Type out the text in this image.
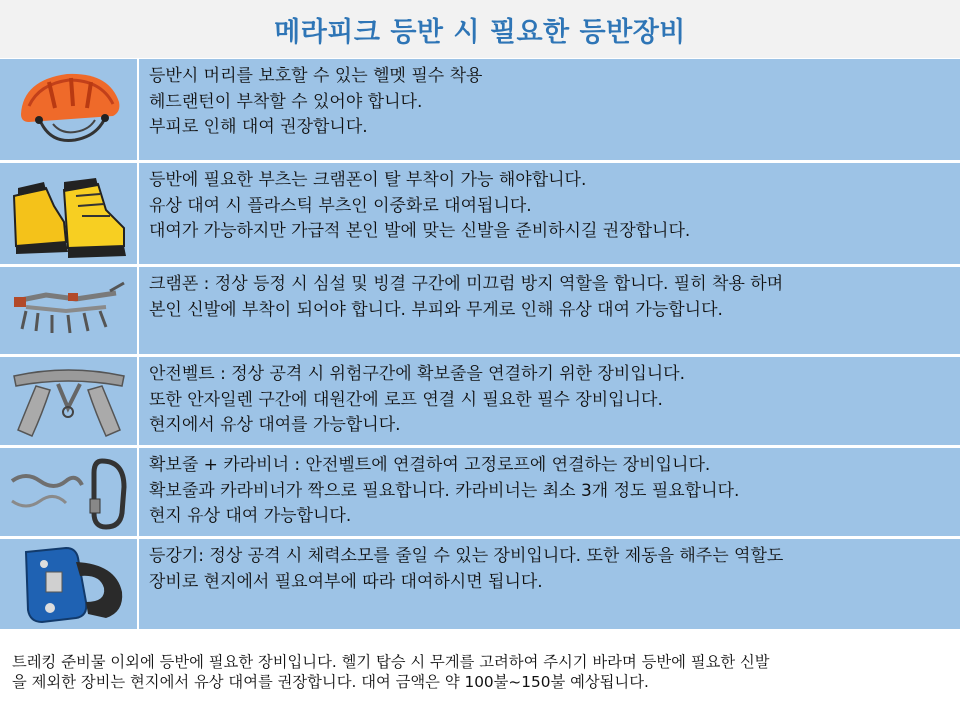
메라피크 등반 시 필요한 등반장비
등반시 머리를 보호할 수 있는 헬멧 필수 착용
헤드랜턴이 부착할 수 있어야 합니다.
부피로 인해 대여 권장합니다.
등반에 필요한 부츠는 크램폰이 탈 부착이 가능 해야합니다.
유상 대여 시 플라스틱 부츠인 이중화로 대여됩니다.
대여가 가능하지만 가급적 본인 발에 맞는 신발을 준비하시길 권장합니다.
크램폰 : 정상 등정 시 심설 및 빙결 구간에 미끄럼 방지 역할을 합니다. 필히 착용 하며
본인 신발에 부착이 되어야 합니다. 부피와 무게로 인해 유상 대여 가능합니다.
안전벨트 : 정상 공격 시 위험구간에 확보줄을 연결하기 위한 장비입니다.
또한 안자일렌 구간에 대원간에 로프 연결 시 필요한 필수 장비입니다.
현지에서 유상 대여를 가능합니다.
확보줄 + 카라비너 : 안전벨트에 연결하여 고정로프에 연결하는 장비입니다.
확보줄과 카라비너가 짝으로 필요합니다. 카라비너는 최소 3개 정도 필요합니다.
현지 유상 대여 가능합니다.
등강기: 정상 공격 시 체력소모를 줄일 수 있는 장비입니다. 또한 제동을 해주는 역할도
장비로 현지에서 필요여부에 따라 대여하시면 됩니다.
트레킹 준비물 이외에 등반에 필요한 장비입니다. 헬기 탑승 시 무게를 고려하여 주시기 바라며 등반에 필요한 신발
을 제외한 장비는 현지에서 유상 대여를 권장합니다. 대여 금액은 약 100불~150불 예상됩니다.
